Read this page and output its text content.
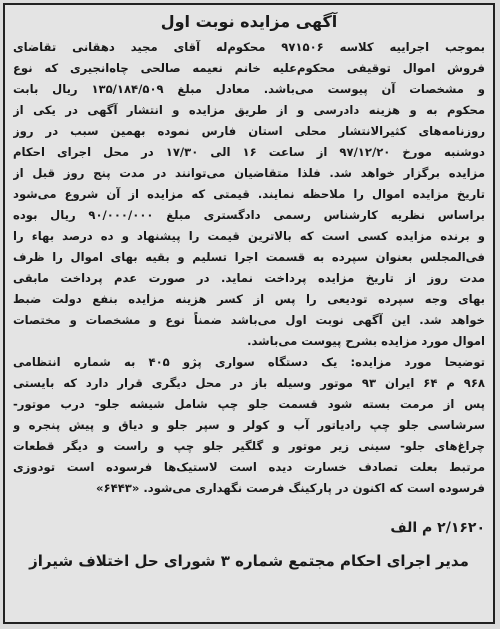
آگهی مزایده نوبت اول
بموجب اجراییه کلاسه ۹۷۱۵۰۶ محکوم‌له آقای مجید دهقانی تقاضای
فروش اموال توقیفی محکوم‌علیه خانم نعیمه صالحی چاه‌انجیری که نوع
و مشخصات آن پیوست می‌باشد. معادل مبلغ ۱۳۵/۱۸۴/۵۰۹ ریال بابت
محکوم به و هزینه دادرسی و از طریق مزایده و انتشار آگهی در یکی از
روزنامه‌های کثیرالانتشار محلی استان فارس نموده بهمین سبب در روز
دوشنبه مورخ ۹۷/۱۲/۲۰ از ساعت ۱۶ الی ۱۷/۳۰ در محل اجرای احکام
مزایده برگزار خواهد شد. فلذا متقاضیان می‌توانند در مدت پنج روز قبل از
تاریخ مزایده اموال را ملاحظه نمایند. قیمتی که مزایده از آن شروع می‌شود
براساس نظریه کارشناس رسمی دادگستری مبلغ ۹۰/۰۰۰/۰۰۰ ریال بوده
و برنده مزایده کسی است که بالاترین قیمت را پیشنهاد و ده درصد بهاء را
فی‌المجلس بعنوان سپرده به قسمت اجرا تسلیم و بقیه بهای اموال را ظرف
مدت روز از تاریخ مزایده پرداخت نماید. در صورت عدم پرداخت مابقی
بهای وجه سپرده تودیعی را پس از کسر هزینه مزایده بنفع دولت ضبط
خواهد شد. این آگهی نوبت اول می‌باشد ضمناً نوع و مشخصات و مختصات
اموال مورد مزایده بشرح پیوست می‌باشد.
توضیحا مورد مزایده: یک دستگاه سواری پژو ۴۰۵ به شماره انتظامی
۹۶۸ م ۶۴ ایران ۹۳ موتور وسیله باز در محل دیگری قرار دارد که بایستی
پس از مرمت بسته شود قسمت جلو چپ شامل شیشه جلو- درب موتور-
سرشاسی جلو چپ رادیاتور آب و کولر و سپر جلو و دیاق و پیش پنجره و
چراغ‌های جلو- سینی زیر موتور و گلگیر جلو چپ و راست و دیگر قطعات
مرتبط بعلت تصادف خسارت دیده است لاستیک‌ها فرسوده است تودوزی
فرسوده است که اکنون در پارکینگ فرصت نگهداری می‌شود. «۶۴۴۳»
۲/۱۶۲۰ م الف
مدیر اجرای احکام مجتمع شماره ۳ شورای حل اختلاف شیراز
